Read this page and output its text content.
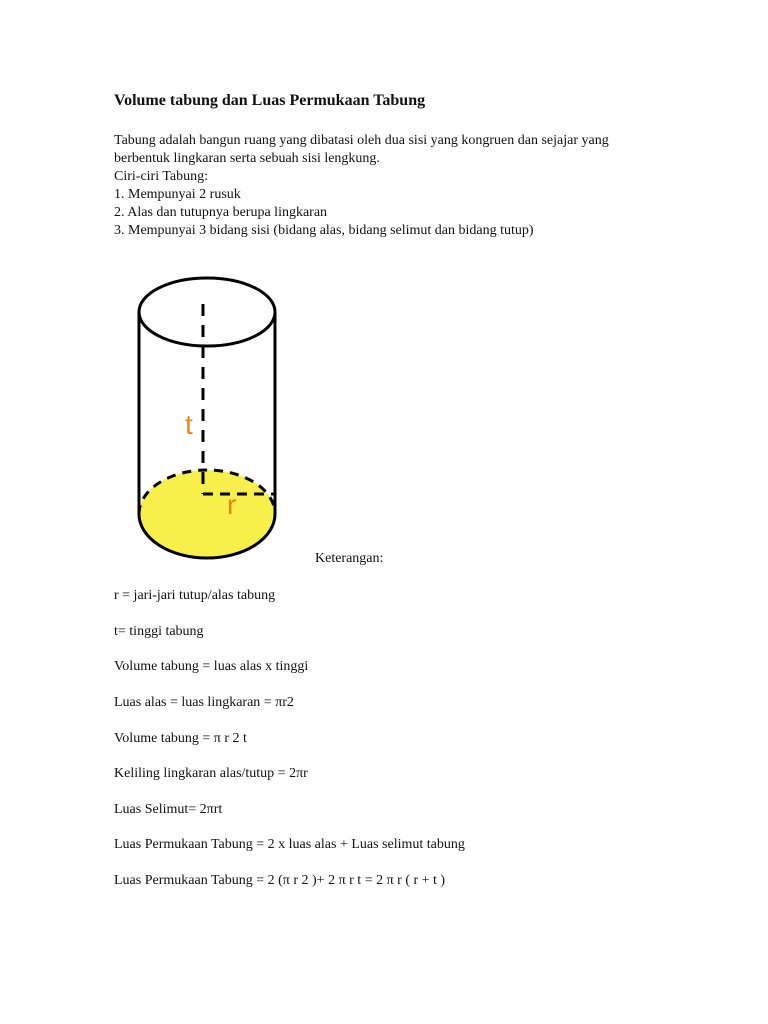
Volume tabung dan Luas Permukaan Tabung
Tabung adalah bangun ruang yang dibatasi oleh dua sisi yang kongruen dan sejajar yang
berbentuk lingkaran serta sebuah sisi lengkung.
Ciri-ciri Tabung:
1. Mempunyai 2 rusuk
2. Alas dan tutupnya berupa lingkaran
3. Mempunyai 3 bidang sisi (bidang alas, bidang selimut dan bidang tutup)
t
r
Keterangan:
r = jari-jari tutup/alas tabung
t= tinggi tabung
Volume tabung = luas alas x tinggi
Luas alas = luas lingkaran = πr2
Volume tabung = π r 2 t
Keliling lingkaran alas/tutup = 2πr
Luas Selimut= 2πrt
Luas Permukaan Tabung = 2 x luas alas + Luas selimut tabung
Luas Permukaan Tabung = 2 (π r 2 )+ 2 π r t = 2 π r ( r + t )
